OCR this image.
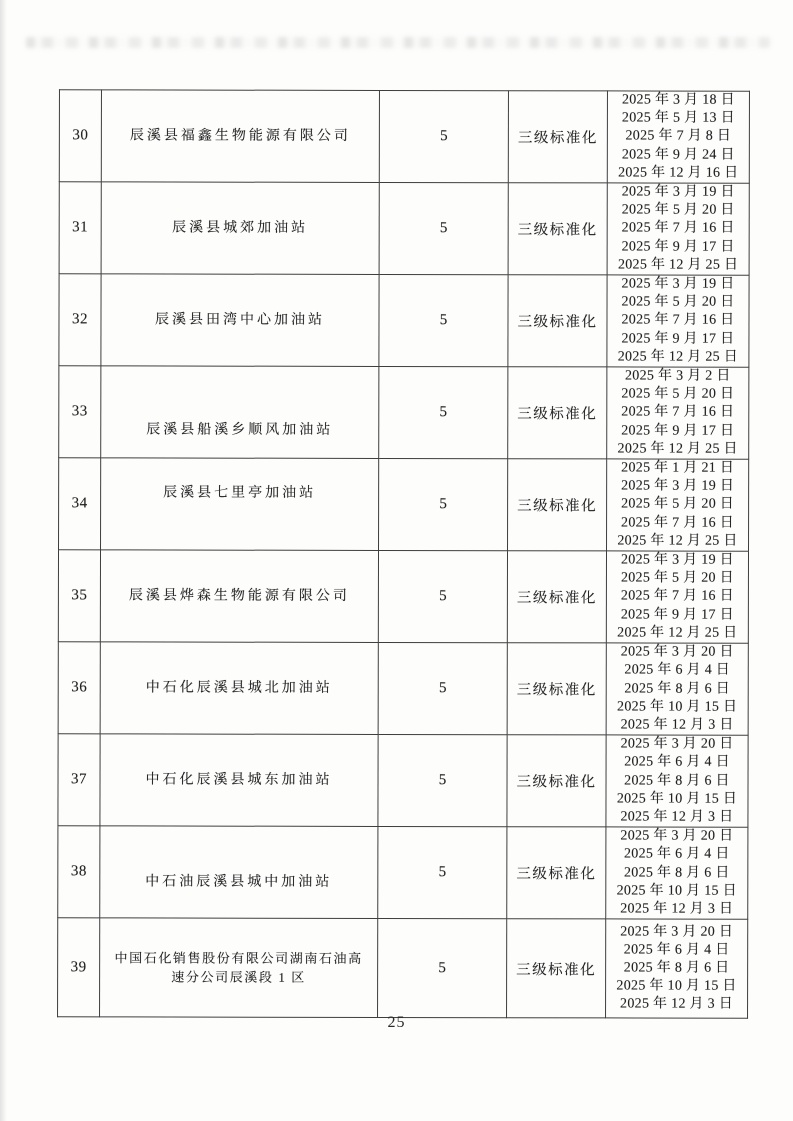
30	辰溪县福鑫生物能源有限公司	5	三级标准化	2025 年 3 月 18 日
2025 年 5 月 13 日
2025 年 7 月 8 日
2025 年 9 月 24 日
2025 年 12 月 16 日

31	辰溪县城郊加油站	5	三级标准化	2025 年 3 月 19 日
2025 年 5 月 20 日
2025 年 7 月 16 日
2025 年 9 月 17 日
2025 年 12 月 25 日

32	辰溪县田湾中心加油站	5	三级标准化	2025 年 3 月 19 日
2025 年 5 月 20 日
2025 年 7 月 16 日
2025 年 9 月 17 日
2025 年 12 月 25 日

33	辰溪县船溪乡顺风加油站	5	三级标准化	2025 年 3 月 2 日
2025 年 5 月 20 日
2025 年 7 月 16 日
2025 年 9 月 17 日
2025 年 12 月 25 日

34	辰溪县七里亭加油站	5	三级标准化	2025 年 1 月 21 日
2025 年 3 月 19 日
2025 年 5 月 20 日
2025 年 7 月 16 日
2025 年 12 月 25 日

35	辰溪县烨森生物能源有限公司	5	三级标准化	2025 年 3 月 19 日
2025 年 5 月 20 日
2025 年 7 月 16 日
2025 年 9 月 17 日
2025 年 12 月 25 日

36	中石化辰溪县城北加油站	5	三级标准化	2025 年 3 月 20 日
2025 年 6 月 4 日
2025 年 8 月 6 日
2025 年 10 月 15 日
2025 年 12 月 3 日

37	中石化辰溪县城东加油站	5	三级标准化	2025 年 3 月 20 日
2025 年 6 月 4 日
2025 年 8 月 6 日
2025 年 10 月 15 日
2025 年 12 月 3 日

38	中石油辰溪县城中加油站	5	三级标准化	2025 年 3 月 20 日
2025 年 6 月 4 日
2025 年 8 月 6 日
2025 年 10 月 15 日
2025 年 12 月 3 日

39	中国石化销售股份有限公司湖南石油高速分公司辰溪段 1 区	5	三级标准化	2025 年 3 月 20 日
2025 年 6 月 4 日
2025 年 8 月 6 日
2025 年 10 月 15 日
2025 年 12 月 3 日
25
